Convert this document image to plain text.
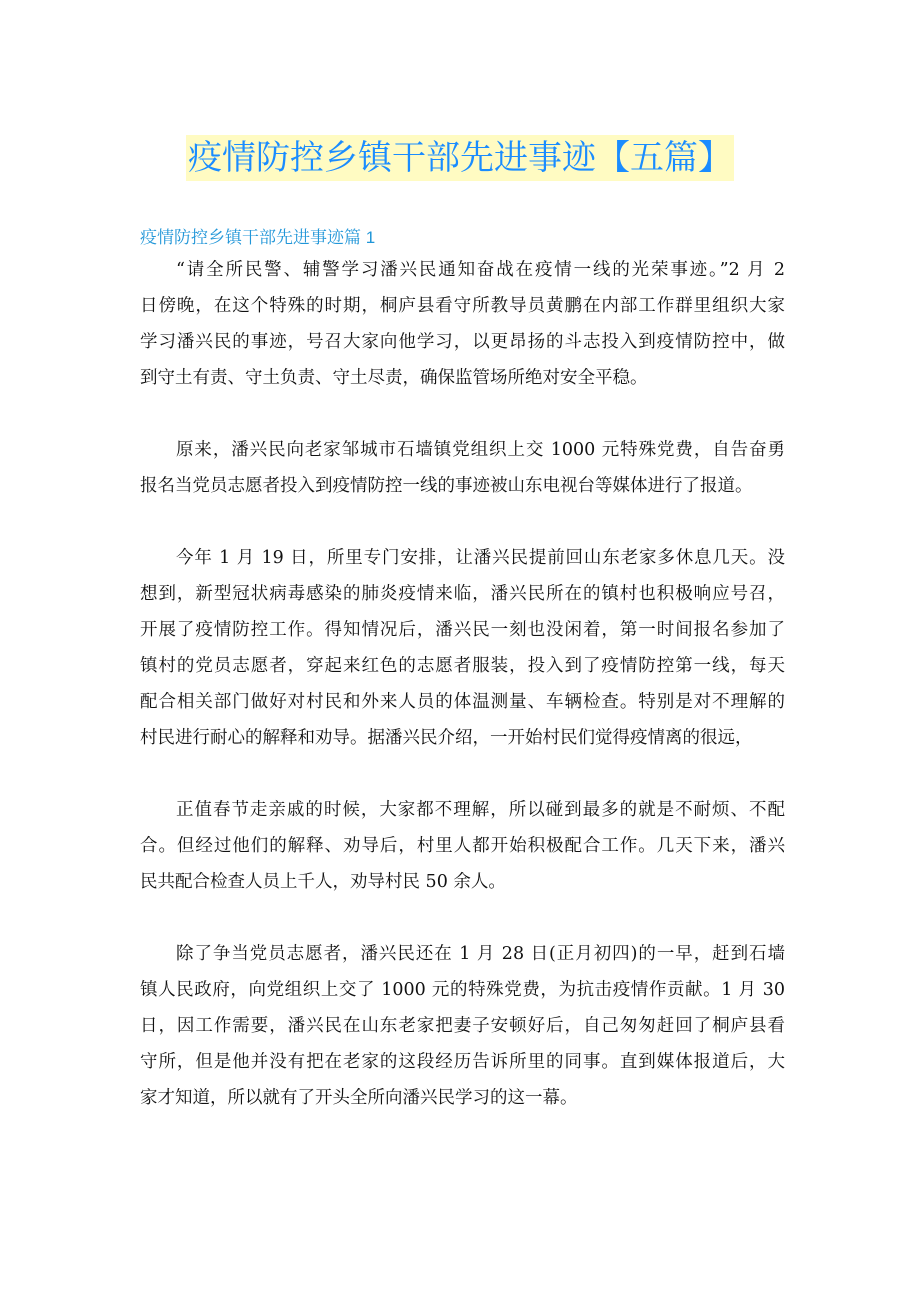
疫情防控乡镇干部先进事迹【五篇】
疫情防控乡镇干部先进事迹篇 1

“请全所民警、辅警学习潘兴民通知奋战在疫情一线的光荣事迹。”2 月 2
日傍晚，在这个特殊的时期，桐庐县看守所教导员黄鹏在内部工作群里组织大家
学习潘兴民的事迹，号召大家向他学习，以更昂扬的斗志投入到疫情防控中，做
到守土有责、守土负责、守土尽责，确保监管场所绝对安全平稳。

原来，潘兴民向老家邹城市石墙镇党组织上交 1000 元特殊党费，自告奋勇
报名当党员志愿者投入到疫情防控一线的事迹被山东电视台等媒体进行了报道。

今年 1 月 19 日，所里专门安排，让潘兴民提前回山东老家多休息几天。没
想到，新型冠状病毒感染的肺炎疫情来临，潘兴民所在的镇村也积极响应号召，
开展了疫情防控工作。得知情况后，潘兴民一刻也没闲着，第一时间报名参加了
镇村的党员志愿者，穿起来红色的志愿者服装，投入到了疫情防控第一线，每天
配合相关部门做好对村民和外来人员的体温测量、车辆检查。特别是对不理解的
村民进行耐心的解释和劝导。据潘兴民介绍，一开始村民们觉得疫情离的很远，

正值春节走亲戚的时候，大家都不理解，所以碰到最多的就是不耐烦、不配
合。但经过他们的解释、劝导后，村里人都开始积极配合工作。几天下来，潘兴
民共配合检查人员上千人，劝导村民 50 余人。

除了争当党员志愿者，潘兴民还在 1 月 28 日(正月初四)的一早，赶到石墙
镇人民政府，向党组织上交了 1000 元的特殊党费，为抗击疫情作贡献。1 月 30
日，因工作需要，潘兴民在山东老家把妻子安顿好后，自己匆匆赶回了桐庐县看
守所，但是他并没有把在老家的这段经历告诉所里的同事。直到媒体报道后，大
家才知道，所以就有了开头全所向潘兴民学习的这一幕。
